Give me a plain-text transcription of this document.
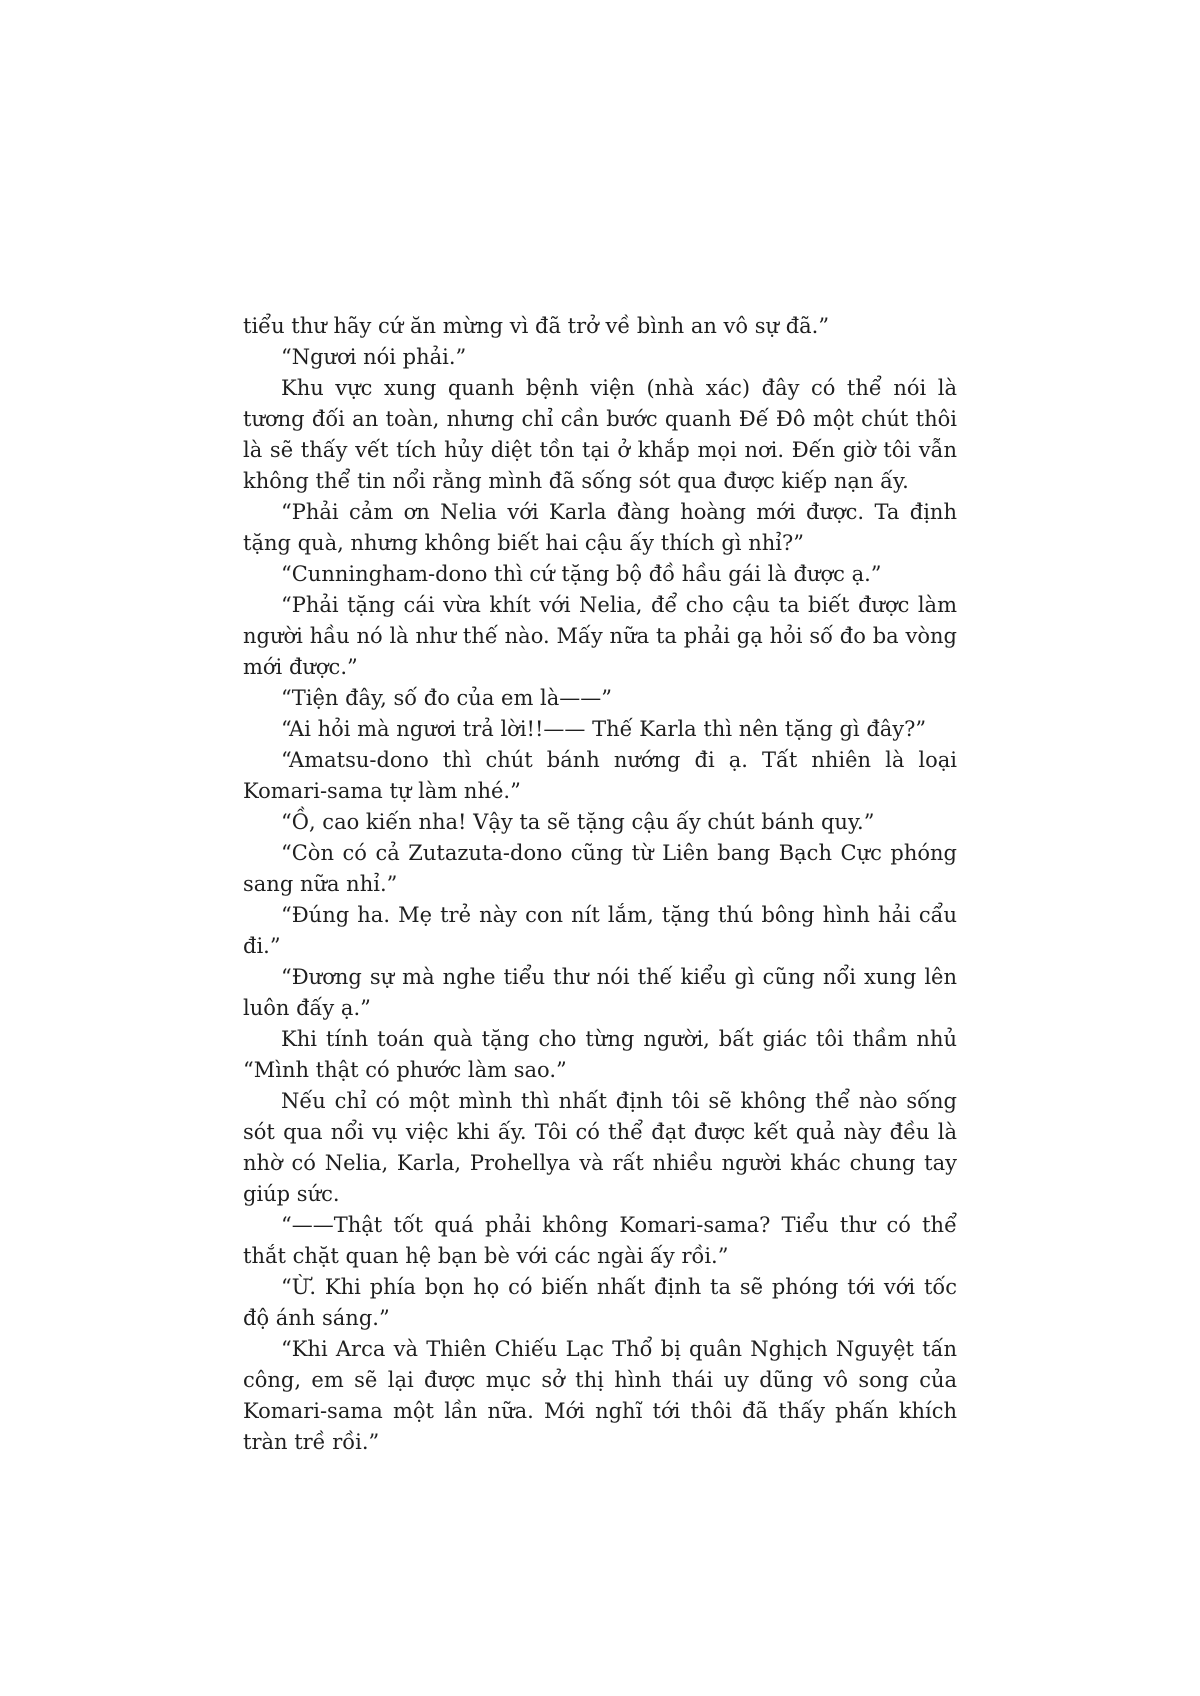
tiểu thư hãy cứ ăn mừng vì đã trở về bình an vô sự đã.”

“Ngươi nói phải.”

Khu vực xung quanh bệnh viện (nhà xác) đây có thể nói là tương đối an toàn, nhưng chỉ cần bước quanh Đế Đô một chút thôi là sẽ thấy vết tích hủy diệt tồn tại ở khắp mọi nơi. Đến giờ tôi vẫn không thể tin nổi rằng mình đã sống sót qua được kiếp nạn ấy.

“Phải cảm ơn Nelia với Karla đàng hoàng mới được. Ta định tặng quà, nhưng không biết hai cậu ấy thích gì nhỉ?”

“Cunningham-dono thì cứ tặng bộ đồ hầu gái là được ạ.”

“Phải tặng cái vừa khít với Nelia, để cho cậu ta biết được làm người hầu nó là như thế nào. Mấy nữa ta phải gạ hỏi số đo ba vòng mới được.”

“Tiện đây, số đo của em là——”

“Ai hỏi mà ngươi trả lời!!—— Thế Karla thì nên tặng gì đây?”

“Amatsu-dono thì chút bánh nướng đi ạ. Tất nhiên là loại Komari-sama tự làm nhé.”

“Ồ, cao kiến nha! Vậy ta sẽ tặng cậu ấy chút bánh quy.”

“Còn có cả Zutazuta-dono cũng từ Liên bang Bạch Cực phóng sang nữa nhỉ.”

“Đúng ha. Mẹ trẻ này con nít lắm, tặng thú bông hình hải cẩu đi.”

“Đương sự mà nghe tiểu thư nói thế kiểu gì cũng nổi xung lên luôn đấy ạ.”

Khi tính toán quà tặng cho từng người, bất giác tôi thầm nhủ “Mình thật có phước làm sao.”

Nếu chỉ có một mình thì nhất định tôi sẽ không thể nào sống sót qua nổi vụ việc khi ấy. Tôi có thể đạt được kết quả này đều là nhờ có Nelia, Karla, Prohellya và rất nhiều người khác chung tay giúp sức.

“——Thật tốt quá phải không Komari-sama? Tiểu thư có thể thắt chặt quan hệ bạn bè với các ngài ấy rồi.”

“Ừ. Khi phía bọn họ có biến nhất định ta sẽ phóng tới với tốc độ ánh sáng.”

“Khi Arca và Thiên Chiếu Lạc Thổ bị quân Nghịch Nguyệt tấn công, em sẽ lại được mục sở thị hình thái uy dũng vô song của Komari-sama một lần nữa. Mới nghĩ tới thôi đã thấy phấn khích tràn trề rồi.”
